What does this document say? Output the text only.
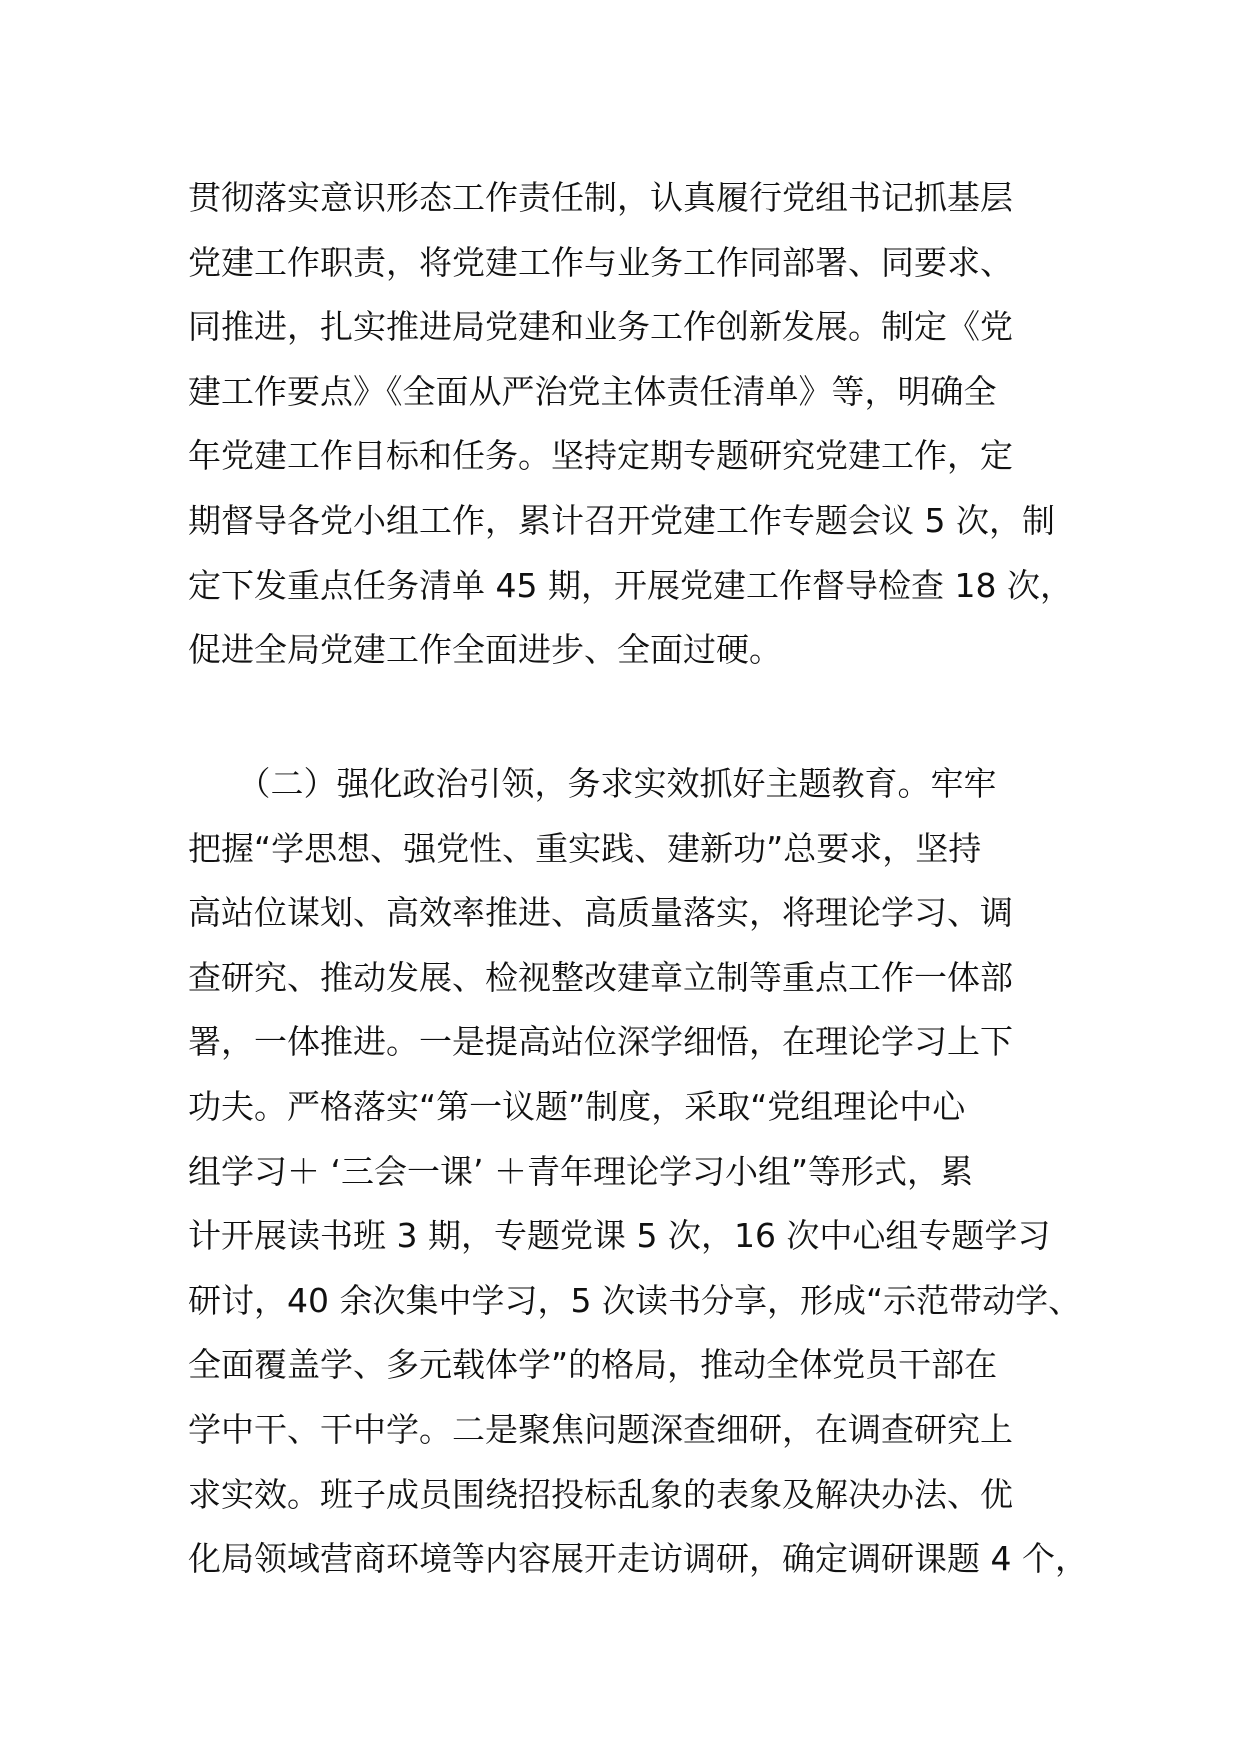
贯彻落实意识形态工作责任制，认真履行党组书记抓基层
党建工作职责，将党建工作与业务工作同部署、同要求、
同推进，扎实推进局党建和业务工作创新发展。制定《党
建工作要点》《全面从严治党主体责任清单》等，明确全
年党建工作目标和任务。坚持定期专题研究党建工作，定
期督导各党小组工作，累计召开党建工作专题会议 5 次，制
定下发重点任务清单 45 期，开展党建工作督导检查 18 次，
促进全局党建工作全面进步、全面过硬。
　　（二）强化政治引领，务求实效抓好主题教育。牢牢
把握“学思想、强党性、重实践、建新功”总要求，坚持
高站位谋划、高效率推进、高质量落实，将理论学习、调
查研究、推动发展、检视整改建章立制等重点工作一体部
署，一体推进。一是提高站位深学细悟，在理论学习上下
功夫。严格落实“第一议题”制度，采取“党组理论中心
组学习＋ ‘三会一课’ ＋青年理论学习小组”等形式，累
计开展读书班 3 期，专题党课 5 次，16 次中心组专题学习
研讨，40 余次集中学习，5 次读书分享，形成“示范带动学、
全面覆盖学、多元载体学”的格局，推动全体党员干部在
学中干、干中学。二是聚焦问题深查细研，在调查研究上
求实效。班子成员围绕招投标乱象的表象及解决办法、优
化局领域营商环境等内容展开走访调研，确定调研课题 4 个，
